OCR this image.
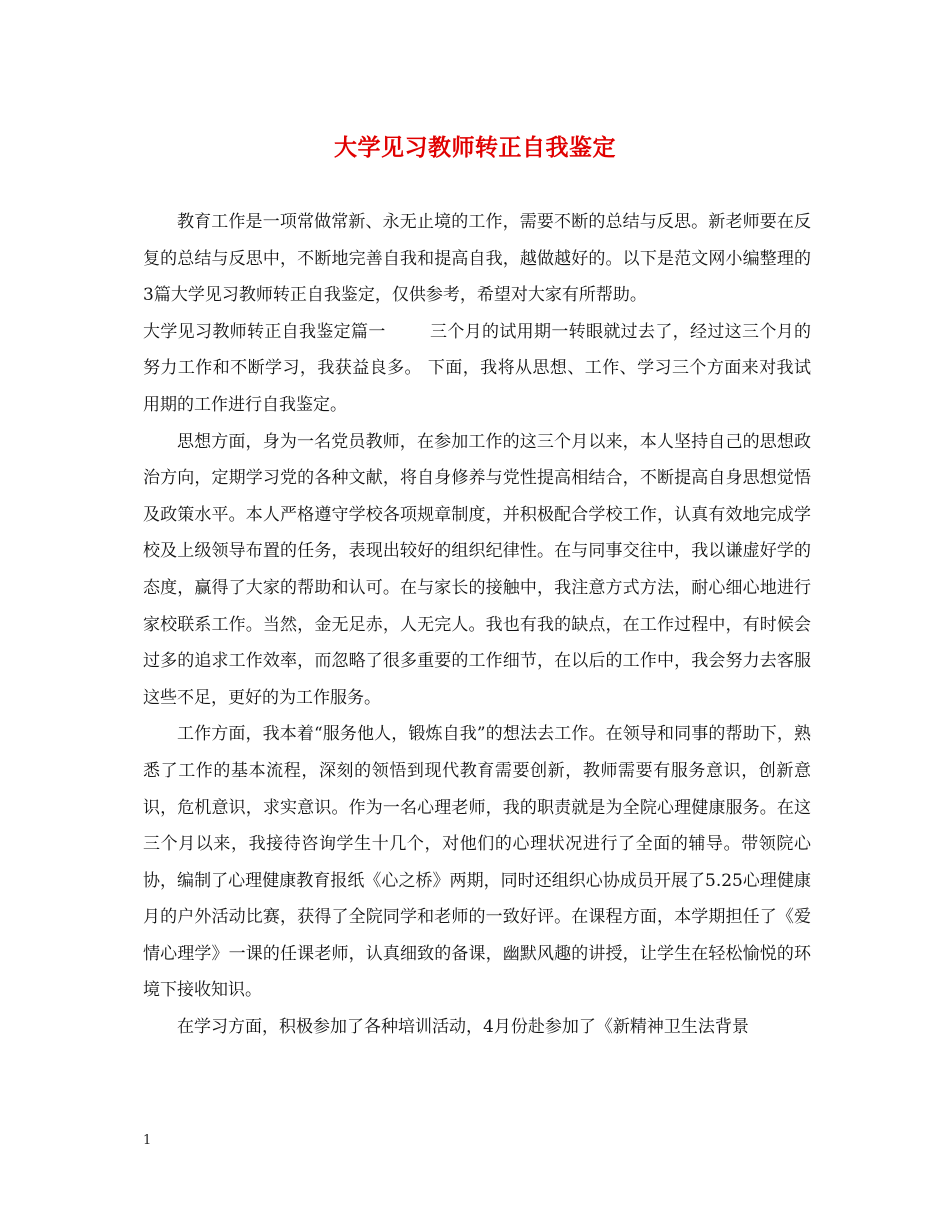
大学见习教师转正自我鉴定

教育工作是一项常做常新、永无止境的工作，需要不断的总结与反思。新老师要在反复的总结与反思中，不断地完善自我和提高自我，越做越好的。以下是范文网小编整理的3篇大学见习教师转正自我鉴定，仅供参考，希望对大家有所帮助。

大学见习教师转正自我鉴定篇一	三个月的试用期一转眼就过去了，经过这三个月的努力工作和不断学习，我获益良多。 下面，我将从思想、工作、学习三个方面来对我试用期的工作进行自我鉴定。

思想方面，身为一名党员教师，在参加工作的这三个月以来，本人坚持自己的思想政治方向，定期学习党的各种文献，将自身修养与党性提高相结合，不断提高自身思想觉悟及政策水平。本人严格遵守学校各项规章制度，并积极配合学校工作，认真有效地完成学校及上级领导布置的任务，表现出较好的组织纪律性。在与同事交往中，我以谦虚好学的态度，赢得了大家的帮助和认可。在与家长的接触中，我注意方式方法，耐心细心地进行家校联系工作。当然，金无足赤，人无完人。我也有我的缺点，在工作过程中，有时候会过多的追求工作效率，而忽略了很多重要的工作细节，在以后的工作中，我会努力去客服这些不足，更好的为工作服务。

工作方面，我本着“服务他人，锻炼自我”的想法去工作。在领导和同事的帮助下，熟悉了工作的基本流程，深刻的领悟到现代教育需要创新，教师需要有服务意识，创新意识，危机意识，求实意识。作为一名心理老师，我的职责就是为全院心理健康服务。在这三个月以来，我接待咨询学生十几个，对他们的心理状况进行了全面的辅导。带领院心协，编制了心理健康教育报纸《心之桥》两期，同时还组织心协成员开展了5.25心理健康月的户外活动比赛，获得了全院同学和老师的一致好评。在课程方面，本学期担任了《爱情心理学》一课的任课老师，认真细致的备课，幽默风趣的讲授，让学生在轻松愉悦的环境下接收知识。

在学习方面，积极参加了各种培训活动，4月份赴参加了《新精神卫生法背景

1
